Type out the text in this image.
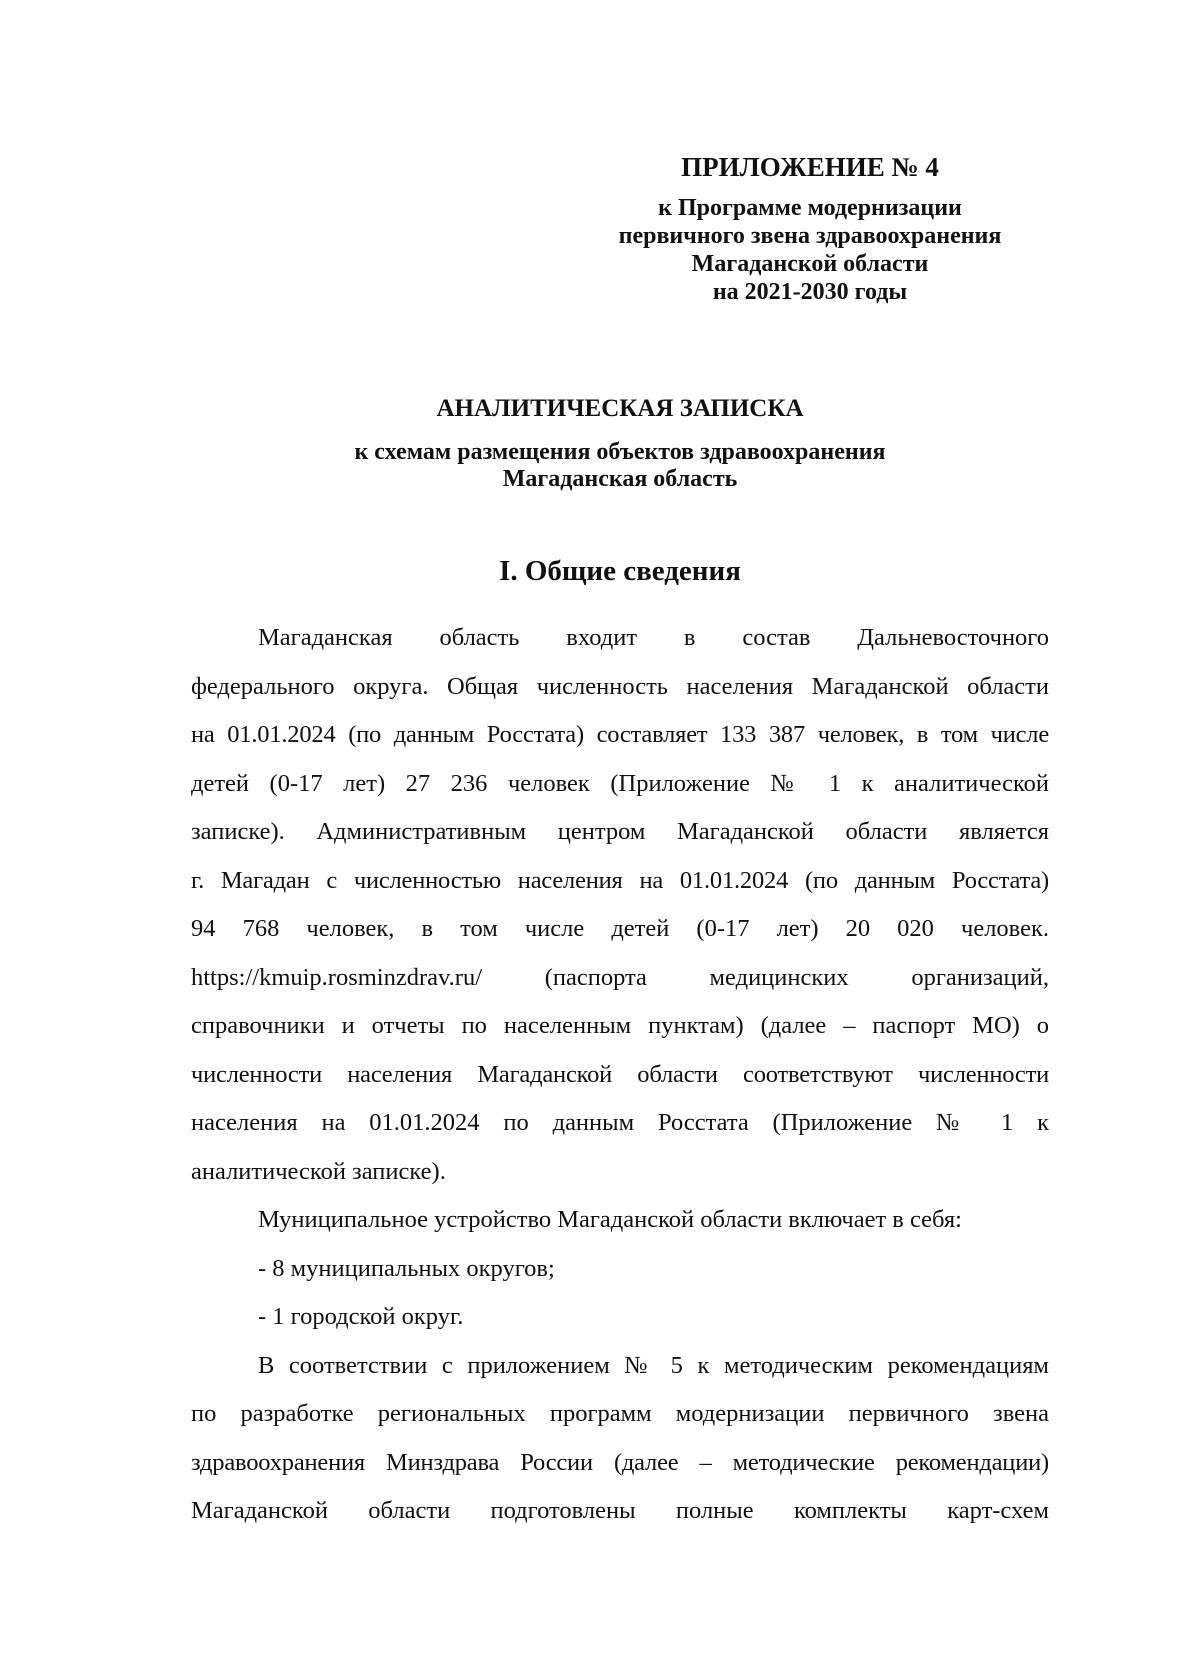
ПРИЛОЖЕНИЕ № 4
к Программе модернизации
первичного звена здравоохранения
Магаданской области
на 2021-2030 годы
АНАЛИТИЧЕСКАЯ ЗАПИСКА
к схемам размещения объектов здравоохранения
Магаданская область
I. Общие сведения
Магаданская область входит в состав Дальневосточного
федерального округа. Общая численность населения Магаданской области
на 01.01.2024 (по данным Росстата) составляет 133 387 человек, в том числе
детей (0-17 лет) 27 236 человек (Приложение № 1 к аналитической
записке). Административным центром Магаданской области является
г. Магадан с численностью населения на 01.01.2024 (по данным Росстата)
94 768 человек, в том числе детей (0-17 лет) 20 020 человек.
https://kmuip.rosminzdrav.ru/ (паспорта медицинских организаций,
справочники и отчеты по населенным пунктам) (далее – паспорт МО) о
численности населения Магаданской области соответствуют численности
населения на 01.01.2024 по данным Росстата (Приложение № 1 к
аналитической записке).
Муниципальное устройство Магаданской области включает в себя:
- 8 муниципальных округов;
- 1 городской округ.
В соответствии с приложением № 5 к методическим рекомендациям
по разработке региональных программ модернизации первичного звена
здравоохранения Минздрава России (далее – методические рекомендации)
Магаданской области подготовлены полные комплекты карт-схем
